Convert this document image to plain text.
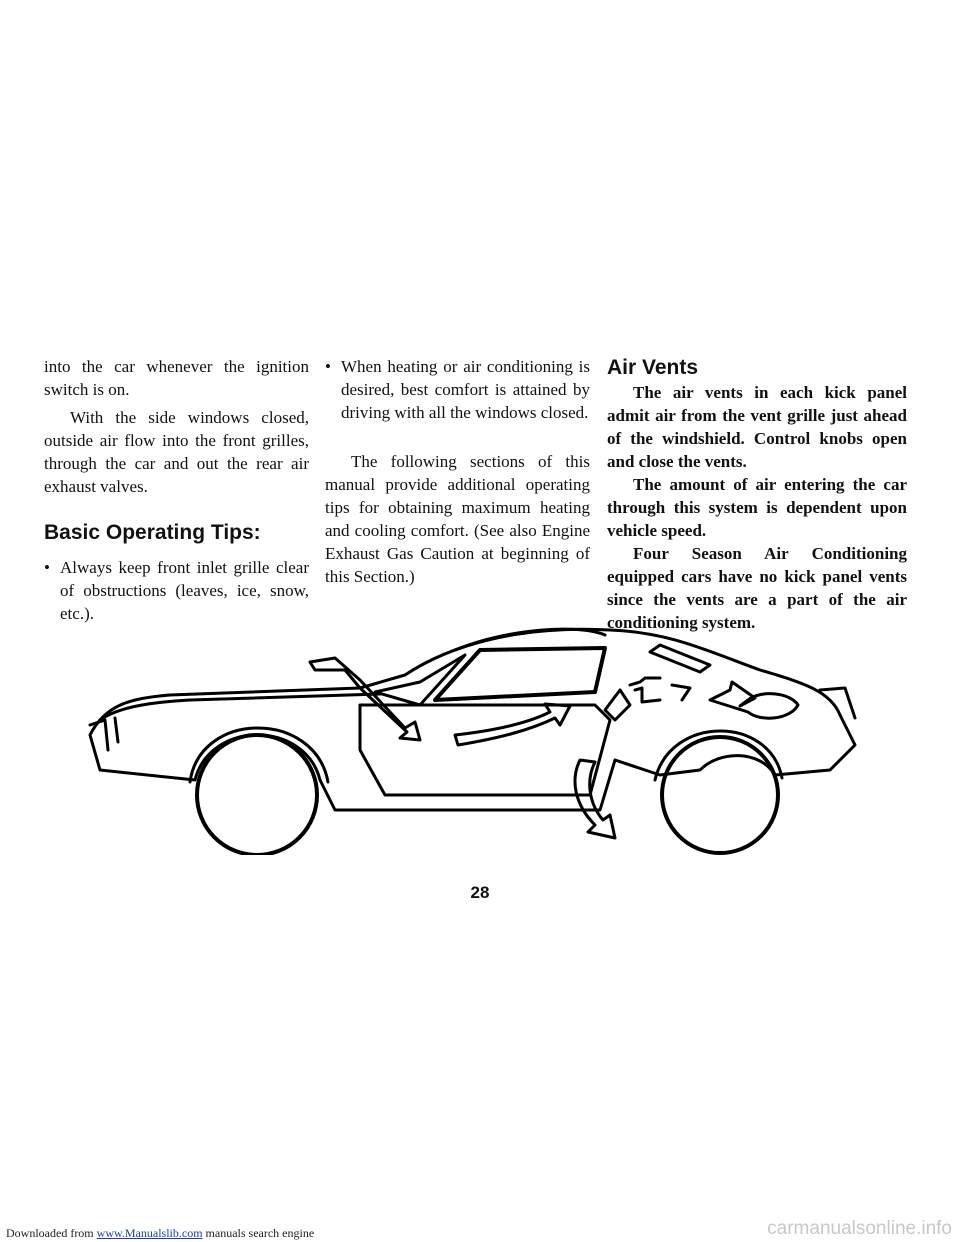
into the car whenever the ignition switch is on.

With the side windows closed, outside air flow into the front grilles, through the car and out the rear air exhaust valves.

Basic Operating Tips:
• Always keep front inlet grille clear of obstructions (leaves, ice, snow, etc.).
• When heating or air conditioning is desired, best comfort is attained by driving with all the windows closed.

The following sections of this manual provide additional operating tips for obtaining maximum heating and cooling comfort. (See also Engine Exhaust Gas Caution at beginning of this Section.)

Air Vents

The air vents in each kick panel admit air from the vent grille just ahead of the windshield. Control knobs open and close the vents.

The amount of air entering the car through this system is dependent upon vehicle speed.

Four Season Air Conditioning equipped cars have no kick panel vents since the vents are a part of the air conditioning system.

28
Downloaded from www.Manualslib.com manuals search engine	carmanualsonline.info
